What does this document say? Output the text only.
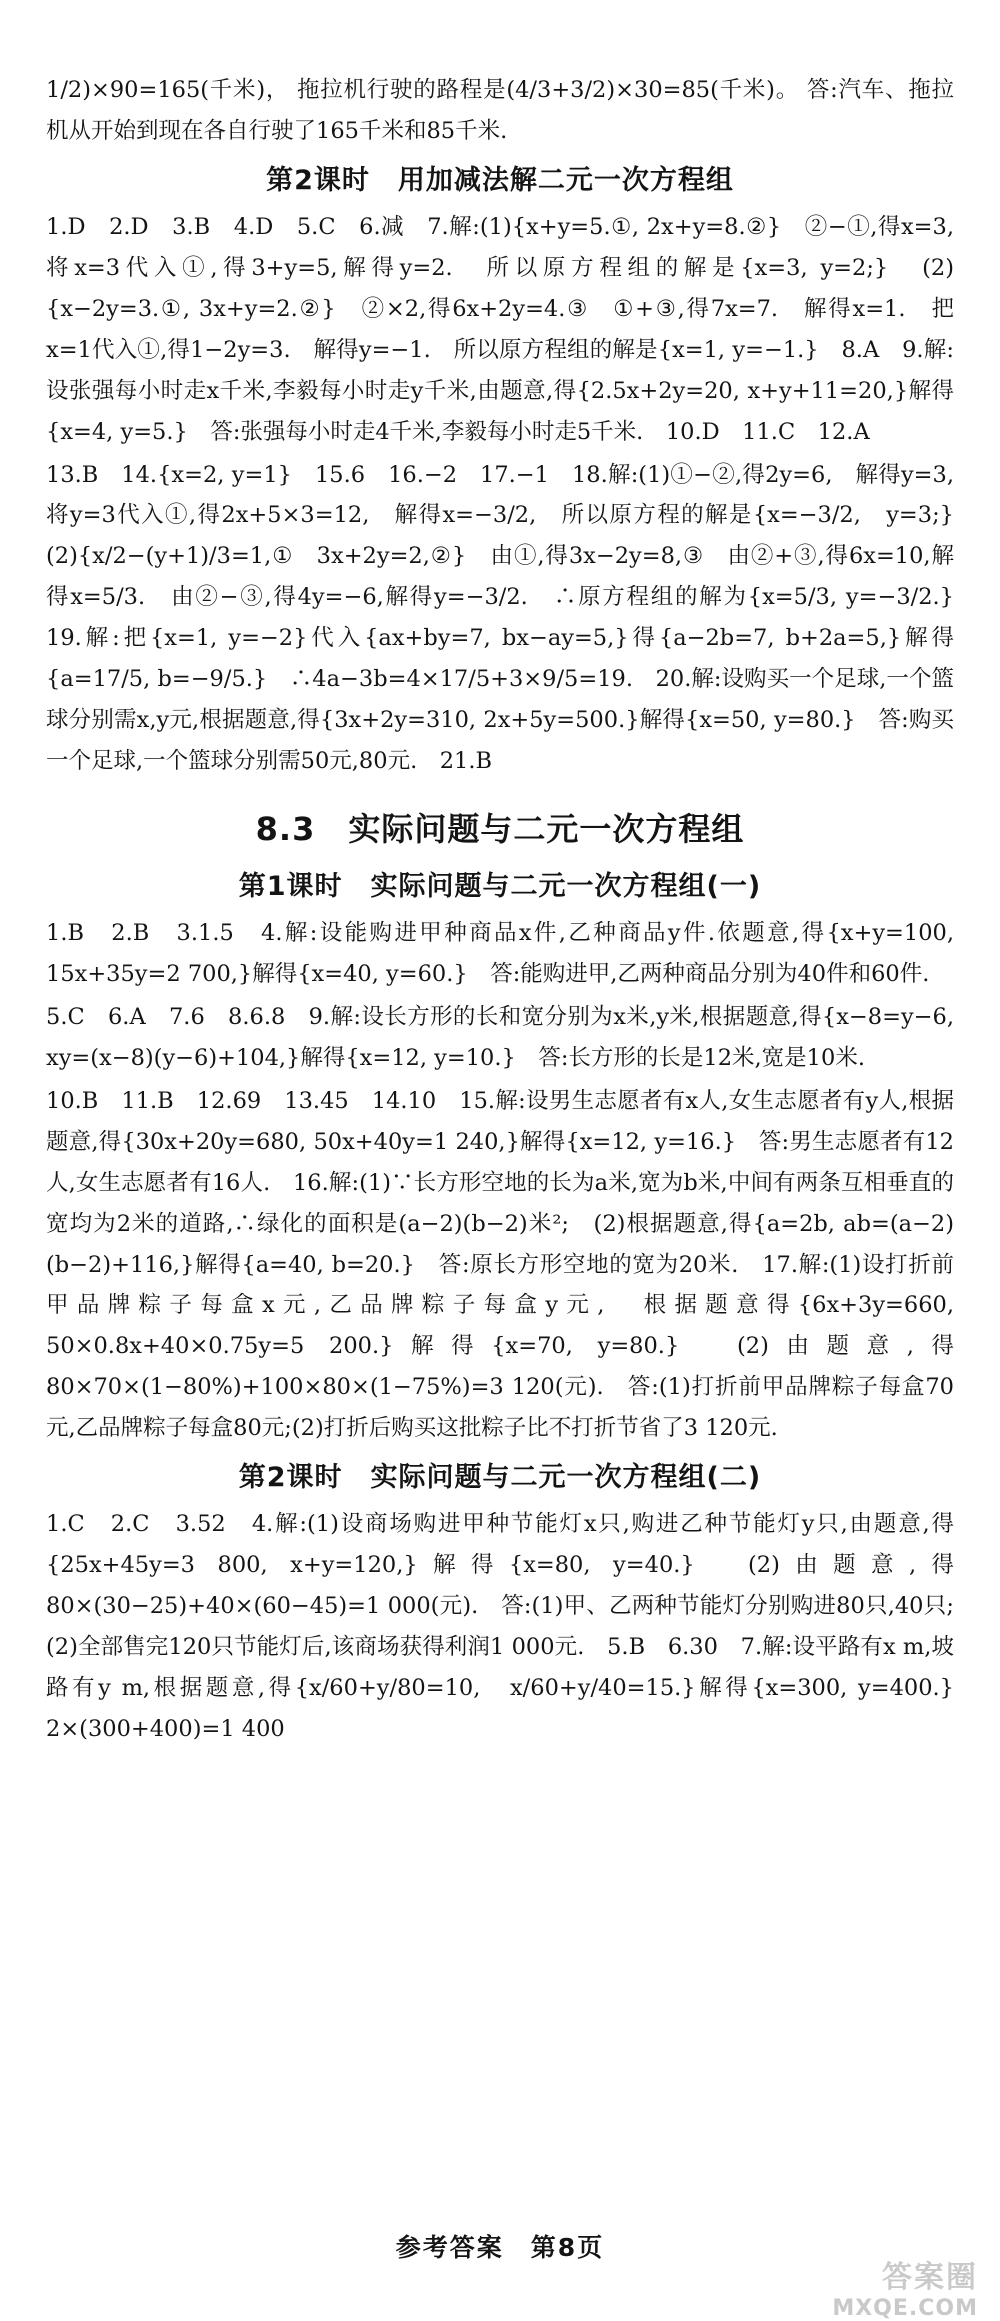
1/2)×90=165(千米)， 拖拉机行驶的路程是(4/3+3/2)×30=85(千米)。 答:汽车、拖拉机从开始到现在各自行驶了165千米和85千米.

第2课时　用加减法解二元一次方程组

1.D　2.D　3.B　4.D　5.C　6.减　7.解:(1){x+y=5.①, 2x+y=8.②}　②−①,得x=3,　将x=3代入①,得3+y=5,解得y=2.　所以原方程组的解是{x=3, y=2;}　(2){x−2y=3.①, 3x+y=2.②}　②×2,得6x+2y=4.③　①+③,得7x=7.　解得x=1.　把x=1代入①,得1−2y=3.　解得y=−1.　所以原方程组的解是{x=1, y=−1.}　8.A　9.解:设张强每小时走x千米,李毅每小时走y千米,由题意,得{2.5x+2y=20, x+y+11=20,}解得{x=4, y=5.}　答:张强每小时走4千米,李毅每小时走5千米.　10.D　11.C　12.A

13.B　14.{x=2, y=1}　15.6　16.−2　17.−1　18.解:(1)①−②,得2y=6,　解得y=3,将y=3代入①,得2x+5×3=12,　解得x=−3/2,　所以原方程的解是{x=−3/2,　y=3;}　(2){x/2−(y+1)/3=1,①　3x+2y=2,②}　由①,得3x−2y=8,③　由②+③,得6x=10,解得x=5/3.　由②−③,得4y=−6,解得y=−3/2.　∴原方程组的解为{x=5/3, y=−3/2.}　19.解:把{x=1, y=−2}代入{ax+by=7, bx−ay=5,}得{a−2b=7, b+2a=5,}解得{a=17/5, b=−9/5.}　∴4a−3b=4×17/5+3×9/5=19.　20.解:设购买一个足球,一个篮球分别需x,y元,根据题意,得{3x+2y=310, 2x+5y=500.}解得{x=50, y=80.}　答:购买一个足球,一个篮球分别需50元,80元.　21.B

8.3　实际问题与二元一次方程组
第1课时　实际问题与二元一次方程组(一)

1.B　2.B　3.1.5　4.解:设能购进甲种商品x件,乙种商品y件.依题意,得{x+y=100, 15x+35y=2 700,}解得{x=40, y=60.}　答:能购进甲,乙两种商品分别为40件和60件.

5.C　6.A　7.6　8.6.8　9.解:设长方形的长和宽分别为x米,y米,根据题意,得{x−8=y−6, xy=(x−8)(y−6)+104,}解得{x=12, y=10.}　答:长方形的长是12米,宽是10米.

10.B　11.B　12.69　13.45　14.10　15.解:设男生志愿者有x人,女生志愿者有y人,根据题意,得{30x+20y=680, 50x+40y=1 240,}解得{x=12, y=16.}　答:男生志愿者有12人,女生志愿者有16人.　16.解:(1)∵长方形空地的长为a米,宽为b米,中间有两条互相垂直的宽均为2米的道路,∴绿化的面积是(a−2)(b−2)米²;　(2)根据题意,得{a=2b, ab=(a−2)(b−2)+116,}解得{a=40, b=20.}　答:原长方形空地的宽为20米.　17.解:(1)设打折前甲品牌粽子每盒x元,乙品牌粽子每盒y元,　根据题意得{6x+3y=660, 50×0.8x+40×0.75y=5 200.}解得{x=70, y=80.}　(2)由题意,得80×70×(1−80%)+100×80×(1−75%)=3 120(元).　答:(1)打折前甲品牌粽子每盒70元,乙品牌粽子每盒80元;(2)打折后购买这批粽子比不打折节省了3 120元.

第2课时　实际问题与二元一次方程组(二)

1.C　2.C　3.52　4.解:(1)设商场购进甲种节能灯x只,购进乙种节能灯y只,由题意,得{25x+45y=3 800, x+y=120,}解得{x=80, y=40.}　(2)由题意,得80×(30−25)+40×(60−45)=1 000(元).　答:(1)甲、乙两种节能灯分别购进80只,40只;(2)全部售完120只节能灯后,该商场获得利润1 000元.　5.B　6.30　7.解:设平路有x m,坡路有y m,根据题意,得{x/60+y/80=10,　x/60+y/40=15.}解得{x=300, y=400.}　2×(300+400)=1 400

参考答案　第8页
答案圈
MXQE.COM
